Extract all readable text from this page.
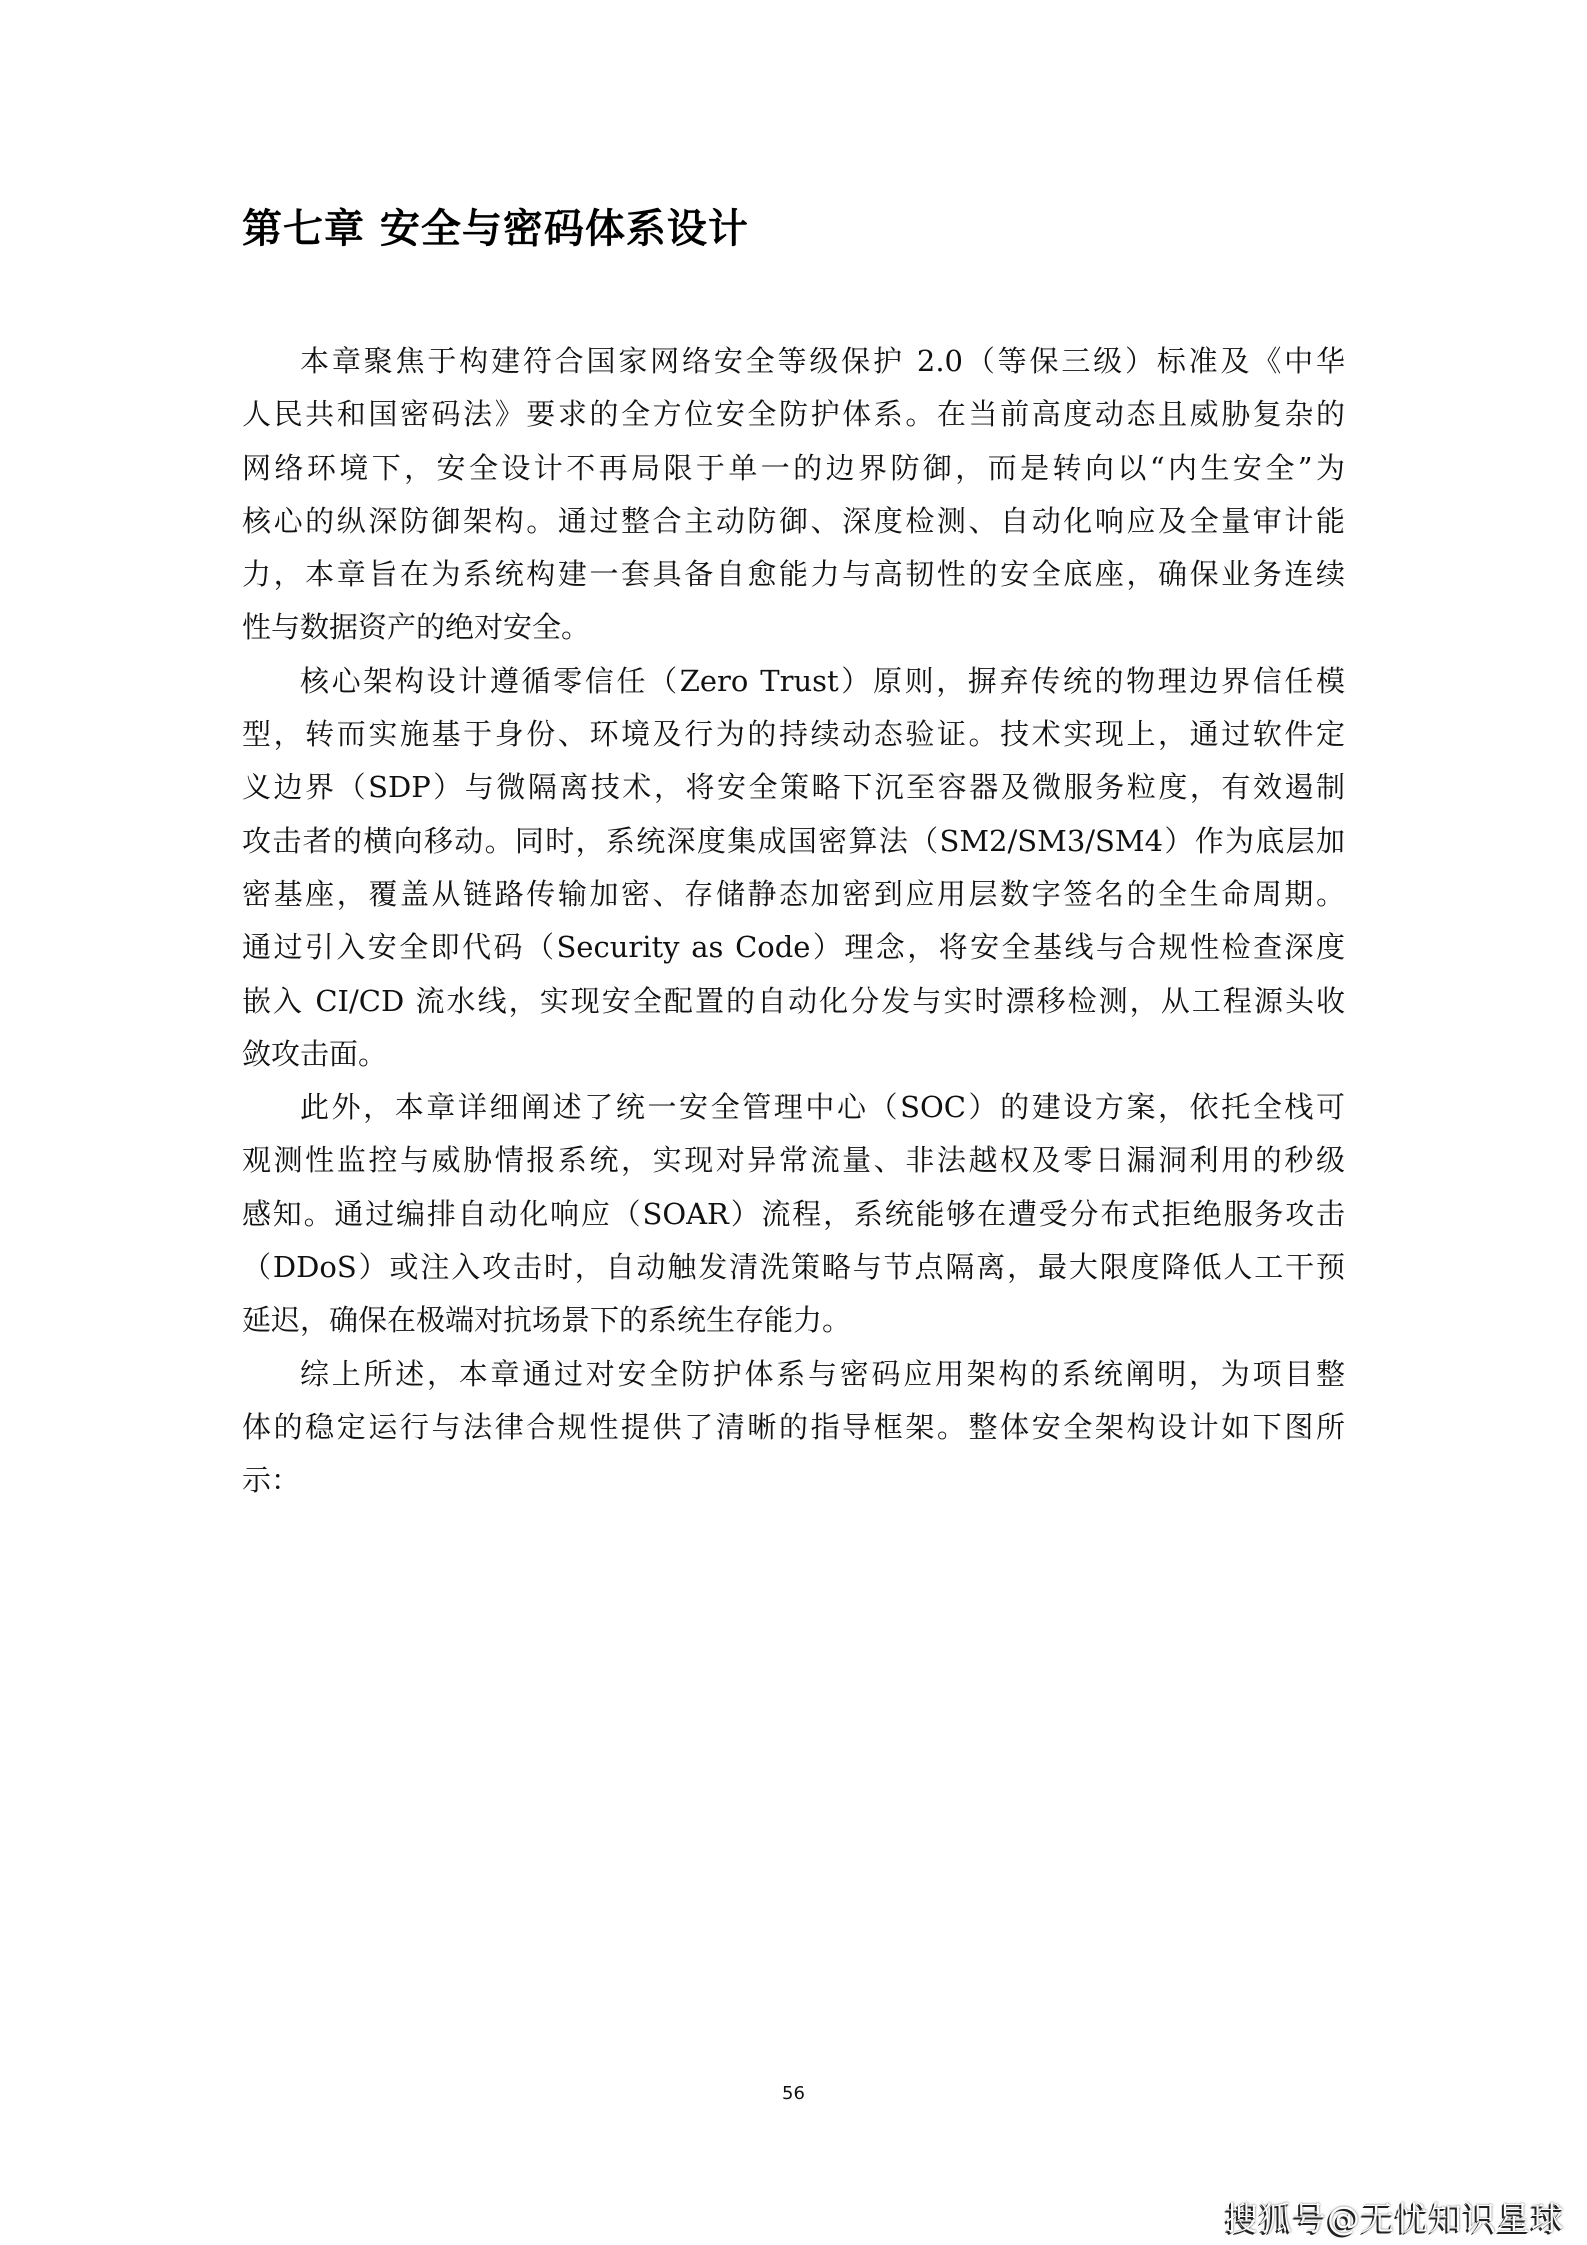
第七章 安全与密码体系设计
本章聚焦于构建符合国家网络安全等级保护 2.0（等保三级）标准及《中华
人民共和国密码法》要求的全方位安全防护体系。在当前高度动态且威胁复杂的
网络环境下，安全设计不再局限于单一的边界防御，而是转向以“内生安全”为
核心的纵深防御架构。通过整合主动防御、深度检测、自动化响应及全量审计能
力，本章旨在为系统构建一套具备自愈能力与高韧性的安全底座，确保业务连续
性与数据资产的绝对安全。
核心架构设计遵循零信任（Zero Trust）原则，摒弃传统的物理边界信任模
型，转而实施基于身份、环境及行为的持续动态验证。技术实现上，通过软件定
义边界（SDP）与微隔离技术，将安全策略下沉至容器及微服务粒度，有效遏制
攻击者的横向移动。同时，系统深度集成国密算法（SM2/SM3/SM4）作为底层加
密基座，覆盖从链路传输加密、存储静态加密到应用层数字签名的全生命周期。
通过引入安全即代码（Security as Code）理念，将安全基线与合规性检查深度
嵌入 CI/CD 流水线，实现安全配置的自动化分发与实时漂移检测，从工程源头收
敛攻击面。
此外，本章详细阐述了统一安全管理中心（SOC）的建设方案，依托全栈可
观测性监控与威胁情报系统，实现对异常流量、非法越权及零日漏洞利用的秒级
感知。通过编排自动化响应（SOAR）流程，系统能够在遭受分布式拒绝服务攻击
（DDoS）或注入攻击时，自动触发清洗策略与节点隔离，最大限度降低人工干预
延迟，确保在极端对抗场景下的系统生存能力。
综上所述，本章通过对安全防护体系与密码应用架构的系统阐明，为项目整
体的稳定运行与法律合规性提供了清晰的指导框架。整体安全架构设计如下图所
示：
56
搜狐号@无忧知识星球
